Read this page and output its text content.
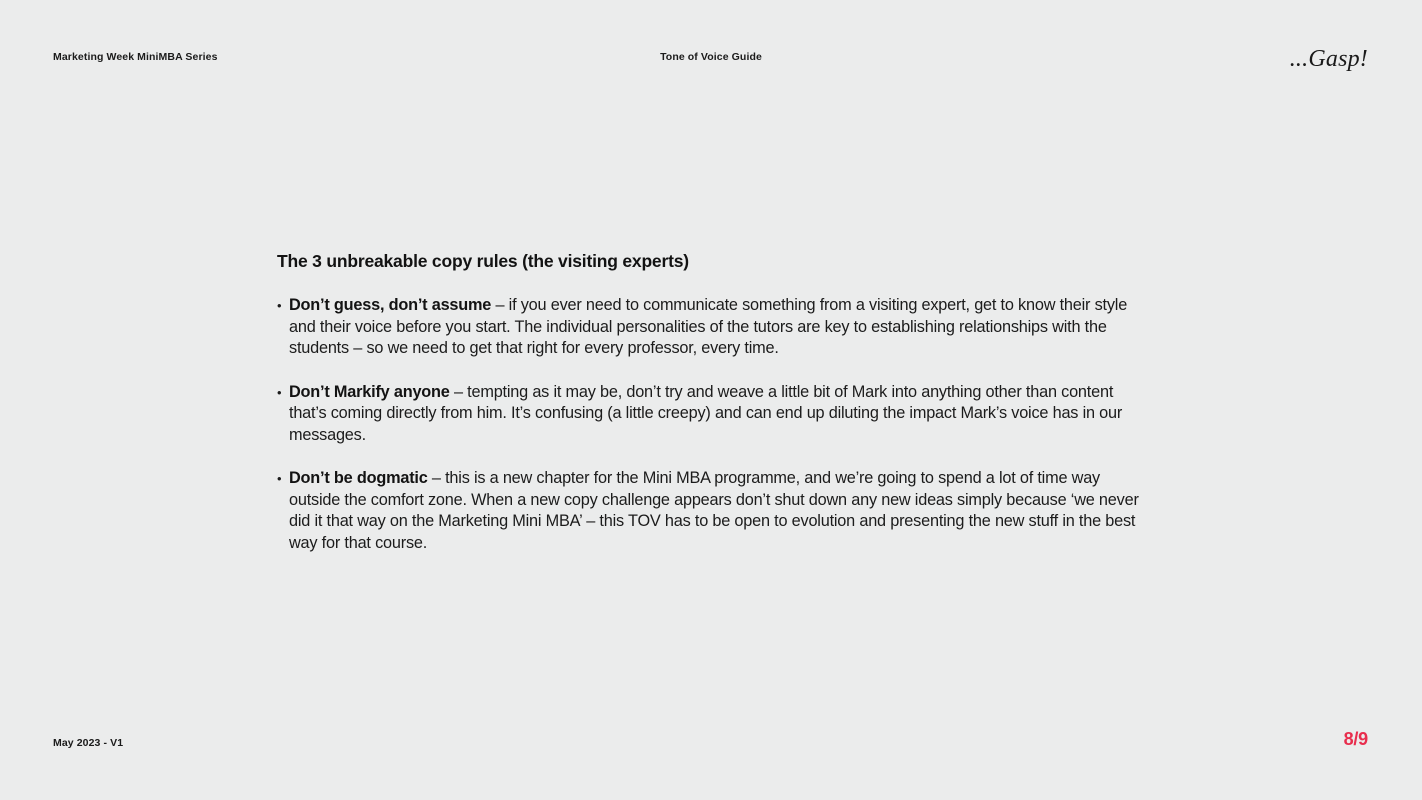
Marketing Week MiniMBA Series	Tone of Voice Guide	...Gasp!
The 3 unbreakable copy rules (the visiting experts)
• Don’t guess, don’t assume – if you ever need to communicate something from a visiting expert, get to know their style and their voice before you start. The individual personalities of the tutors are key to establishing relationships with the students – so we need to get that right for every professor, every time.

• Don’t Markify anyone – tempting as it may be, don’t try and weave a little bit of Mark into anything other than content that’s coming directly from him. It’s confusing (a little creepy) and can end up diluting the impact Mark’s voice has in our messages.

• Don’t be dogmatic – this is a new chapter for the Mini MBA programme, and we’re going to spend a lot of time way outside the comfort zone. When a new copy challenge appears don’t shut down any new ideas simply because ‘we never did it that way on the Marketing Mini MBA’ – this TOV has to be open to evolution and presenting the new stuff in the best way for that course.

May 2023 - V1	8/9
